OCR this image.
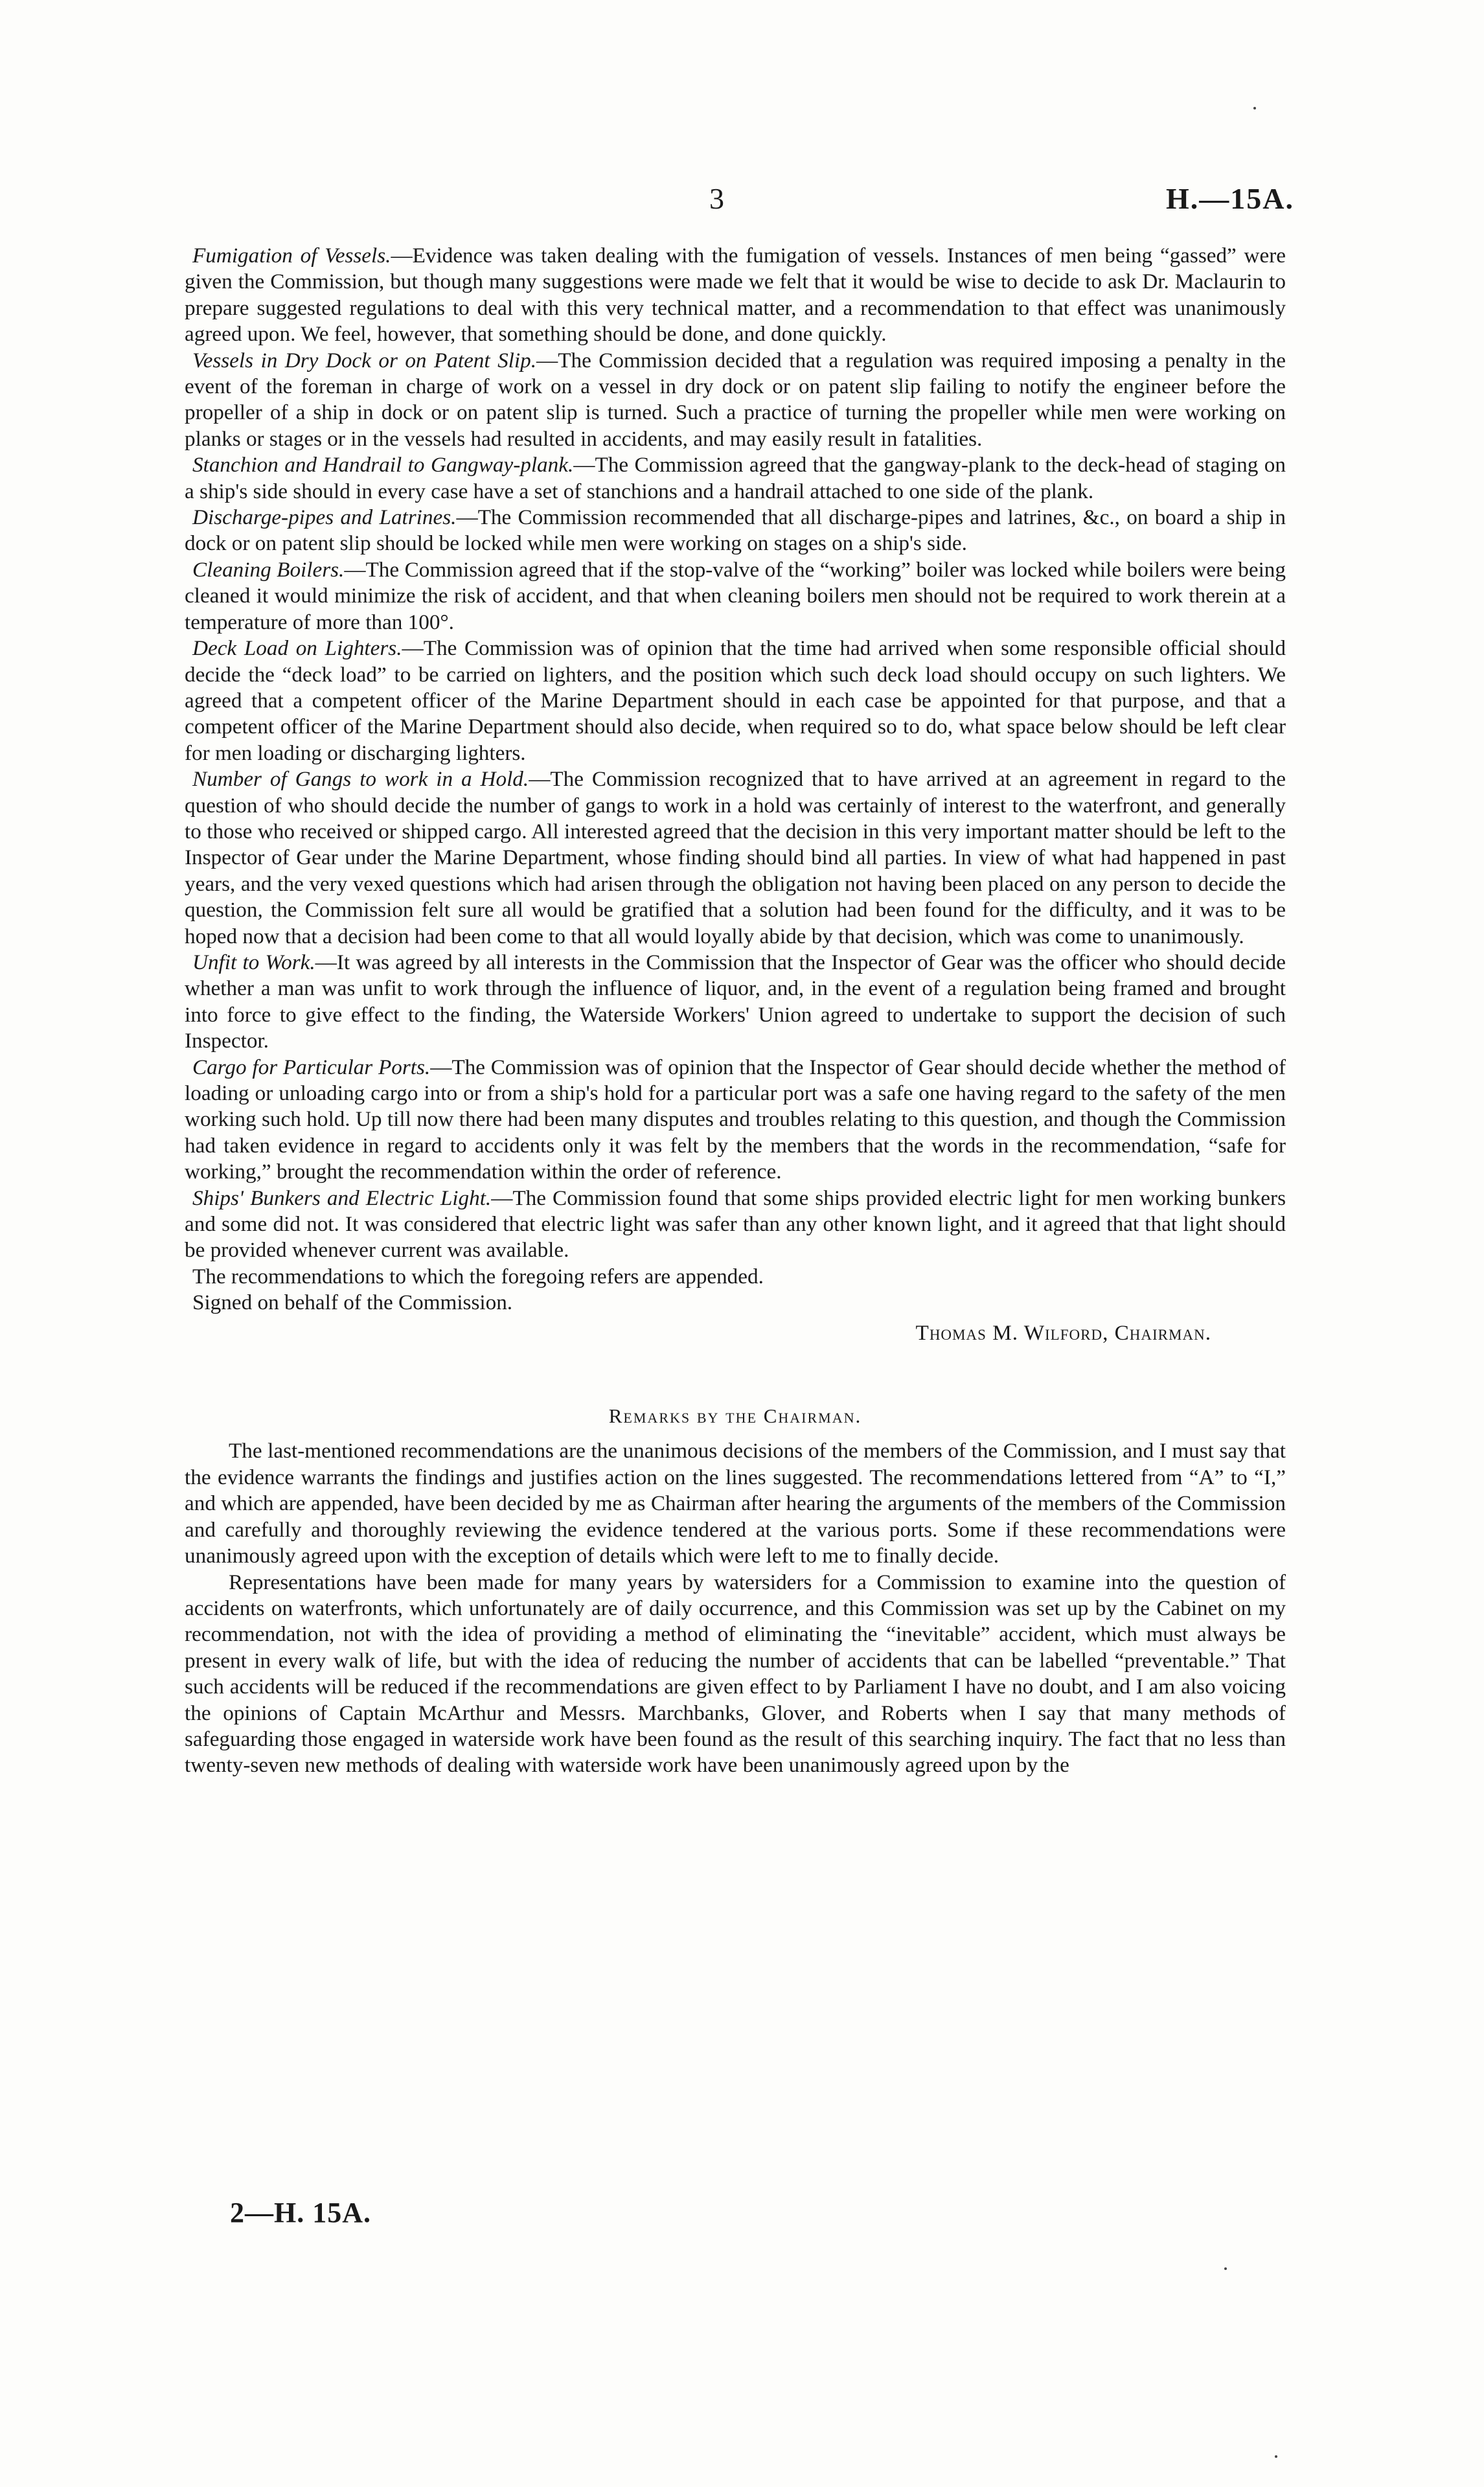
3	H.—15A.

Fumigation of Vessels.—Evidence was taken dealing with the fumigation of vessels. Instances of men being “gassed” were given the Commission, but though many suggestions were made we felt that it would be wise to decide to ask Dr. Maclaurin to prepare suggested regulations to deal with this very technical matter, and a recommendation to that effect was unanimously agreed upon. We feel, however, that something should be done, and done quickly.

Vessels in Dry Dock or on Patent Slip.—The Commission decided that a regulation was required imposing a penalty in the event of the foreman in charge of work on a vessel in dry dock or on patent slip failing to notify the engineer before the propeller of a ship in dock or on patent slip is turned. Such a practice of turning the propeller while men were working on planks or stages or in the vessels had resulted in accidents, and may easily result in fatalities.

Stanchion and Handrail to Gangway-plank.—The Commission agreed that the gangway-plank to the deck-head of staging on a ship's side should in every case have a set of stanchions and a handrail attached to one side of the plank.

Discharge-pipes and Latrines.—The Commission recommended that all discharge-pipes and latrines, &c., on board a ship in dock or on patent slip should be locked while men were working on stages on a ship's side.

Cleaning Boilers.—The Commission agreed that if the stop-valve of the “working” boiler was locked while boilers were being cleaned it would minimize the risk of accident, and that when cleaning boilers men should not be required to work therein at a temperature of more than 100°.

Deck Load on Lighters.—The Commission was of opinion that the time had arrived when some responsible official should decide the “deck load” to be carried on lighters, and the position which such deck load should occupy on such lighters. We agreed that a competent officer of the Marine Department should in each case be appointed for that purpose, and that a competent officer of the Marine Department should also decide, when required so to do, what space below should be left clear for men loading or discharging lighters.

Number of Gangs to work in a Hold.—The Commission recognized that to have arrived at an agreement in regard to the question of who should decide the number of gangs to work in a hold was certainly of interest to the waterfront, and generally to those who received or shipped cargo. All interested agreed that the decision in this very important matter should be left to the Inspector of Gear under the Marine Department, whose finding should bind all parties. In view of what had happened in past years, and the very vexed questions which had arisen through the obligation not having been placed on any person to decide the question, the Commission felt sure all would be gratified that a solution had been found for the difficulty, and it was to be hoped now that a decision had been come to that all would loyally abide by that decision, which was come to unanimously.

Unfit to Work.—It was agreed by all interests in the Commission that the Inspector of Gear was the officer who should decide whether a man was unfit to work through the influence of liquor, and, in the event of a regulation being framed and brought into force to give effect to the finding, the Waterside Workers' Union agreed to undertake to support the decision of such Inspector.

Cargo for Particular Ports.—The Commission was of opinion that the Inspector of Gear should decide whether the method of loading or unloading cargo into or from a ship's hold for a particular port was a safe one having regard to the safety of the men working such hold. Up till now there had been many disputes and troubles relating to this question, and though the Commission had taken evidence in regard to accidents only it was felt by the members that the words in the recommendation, “safe for working,” brought the recommendation within the order of reference.

Ships' Bunkers and Electric Light.—The Commission found that some ships provided electric light for men working bunkers and some did not. It was considered that electric light was safer than any other known light, and it agreed that that light should be provided whenever current was available.

The recommendations to which the foregoing refers are appended.

Signed on behalf of the Commission.

Thomas M. Wilford, Chairman.
Remarks by the Chairman.

The last-mentioned recommendations are the unanimous decisions of the members of the Commission, and I must say that the evidence warrants the findings and justifies action on the lines suggested. The recommendations lettered from “A” to “I,” and which are appended, have been decided by me as Chairman after hearing the arguments of the members of the Commission and carefully and thoroughly reviewing the evidence tendered at the various ports. Some if these recommendations were unanimously agreed upon with the exception of details which were left to me to finally decide.

Representations have been made for many years by watersiders for a Commission to examine into the question of accidents on waterfronts, which unfortunately are of daily occurrence, and this Commission was set up by the Cabinet on my recommendation, not with the idea of providing a method of eliminating the “inevitable” accident, which must always be present in every walk of life, but with the idea of reducing the number of accidents that can be labelled “preventable.” That such accidents will be reduced if the recommendations are given effect to by Parliament I have no doubt, and I am also voicing the opinions of Captain McArthur and Messrs. Marchbanks, Glover, and Roberts when I say that many methods of safeguarding those engaged in waterside work have been found as the result of this searching inquiry. The fact that no less than twenty-seven new methods of dealing with waterside work have been unanimously agreed upon by the

2—H. 15A.
